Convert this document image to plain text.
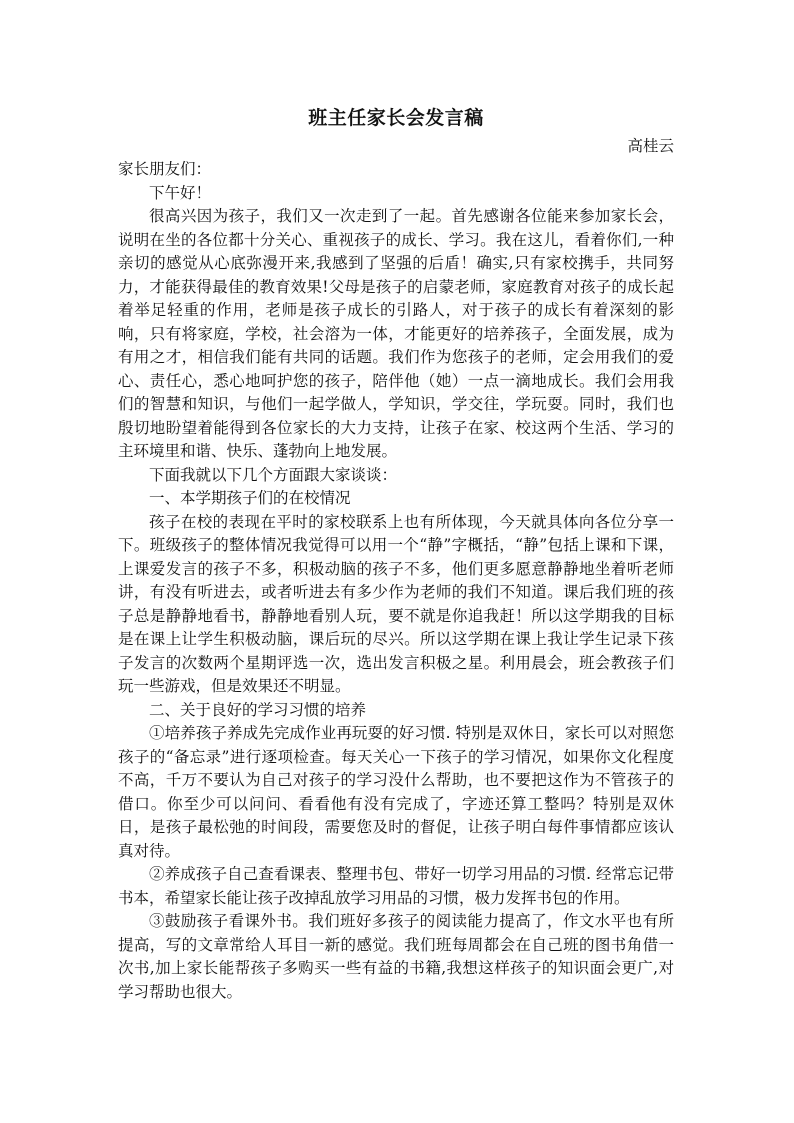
班主任家长会发言稿
高桂云

家长朋友们：

下午好！

很高兴因为孩子，我们又一次走到了一起。首先感谢各位能来参加家长会，说明在坐的各位都十分关心、重视孩子的成长、学习。我在这儿，看着你们,一种亲切的感觉从心底弥漫开来,我感到了坚强的后盾！确实,只有家校携手，共同努力，才能获得最佳的教育效果!父母是孩子的启蒙老师，家庭教育对孩子的成长起着举足轻重的作用，老师是孩子成长的引路人，对于孩子的成长有着深刻的影响，只有将家庭，学校，社会溶为一体，才能更好的培养孩子，全面发展，成为有用之才，相信我们能有共同的话题。我们作为您孩子的老师，定会用我们的爱心、责任心，悉心地呵护您的孩子，陪伴他（她）一点一滴地成长。我们会用我们的智慧和知识，与他们一起学做人，学知识，学交往，学玩耍。同时，我们也殷切地盼望着能得到各位家长的大力支持，让孩子在家、校这两个生活、学习的主环境里和谐、快乐、蓬勃向上地发展。

下面我就以下几个方面跟大家谈谈：

一、本学期孩子们的在校情况

孩子在校的表现在平时的家校联系上也有所体现，今天就具体向各位分享一下。班级孩子的整体情况我觉得可以用一个“静”字概括，“静”包括上课和下课，上课爱发言的孩子不多，积极动脑的孩子不多，他们更多愿意静静地坐着听老师讲，有没有听进去，或者听进去有多少作为老师的我们不知道。课后我们班的孩子总是静静地看书，静静地看别人玩，要不就是你追我赶！所以这学期我的目标是在课上让学生积极动脑，课后玩的尽兴。所以这学期在课上我让学生记录下孩子发言的次数两个星期评选一次，选出发言积极之星。利用晨会，班会教孩子们玩一些游戏，但是效果还不明显。

二、关于良好的学习习惯的培养

①培养孩子养成先完成作业再玩耍的好习惯. 特别是双休日，家长可以对照您孩子的“备忘录”进行逐项检查。每天关心一下孩子的学习情况，如果你文化程度不高，千万不要认为自己对孩子的学习没什么帮助，也不要把这作为不管孩子的借口。你至少可以问问、看看他有没有完成了，字迹还算工整吗？特别是双休日，是孩子最松弛的时间段，需要您及时的督促，让孩子明白每件事情都应该认真对待。

②养成孩子自己查看课表、整理书包、带好一切学习用品的习惯. 经常忘记带书本，希望家长能让孩子改掉乱放学习用品的习惯，极力发挥书包的作用。

③鼓励孩子看课外书。我们班好多孩子的阅读能力提高了，作文水平也有所提高，写的文章常给人耳目一新的感觉。我们班每周都会在自己班的图书角借一次书,加上家长能帮孩子多购买一些有益的书籍,我想这样孩子的知识面会更广,对学习帮助也很大。
